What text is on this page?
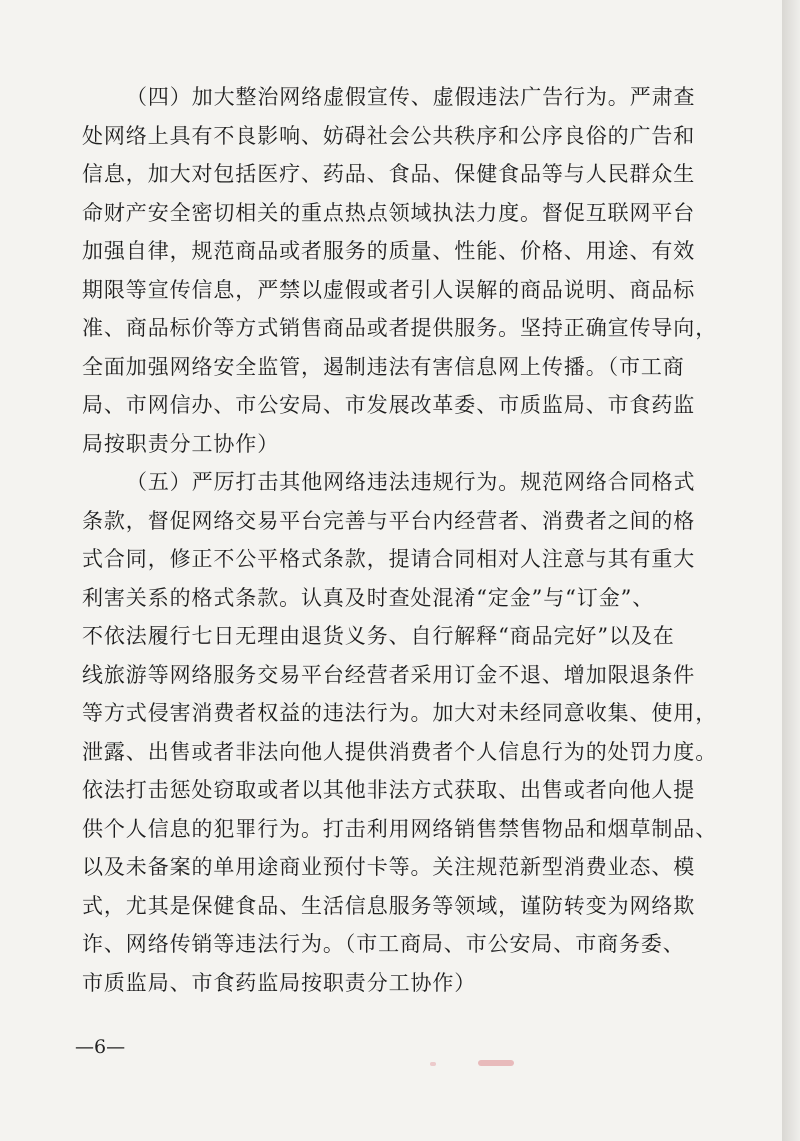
（四）加大整治网络虚假宣传、虚假违法广告行为。严肃查
处网络上具有不良影响、妨碍社会公共秩序和公序良俗的广告和
信息，加大对包括医疗、药品、食品、保健食品等与人民群众生
命财产安全密切相关的重点热点领域执法力度。督促互联网平台
加强自律，规范商品或者服务的质量、性能、价格、用途、有效
期限等宣传信息，严禁以虚假或者引人误解的商品说明、商品标
准、商品标价等方式销售商品或者提供服务。坚持正确宣传导向，
全面加强网络安全监管，遏制违法有害信息网上传播。（市工商
局、市网信办、市公安局、市发展改革委、市质监局、市食药监
局按职责分工协作）

（五）严厉打击其他网络违法违规行为。规范网络合同格式
条款，督促网络交易平台完善与平台内经营者、消费者之间的格
式合同，修正不公平格式条款，提请合同相对人注意与其有重大
利害关系的格式条款。认真及时查处混淆“定金”与“订金”、
不依法履行七日无理由退货义务、自行解释“商品完好”以及在
线旅游等网络服务交易平台经营者采用订金不退、增加限退条件
等方式侵害消费者权益的违法行为。加大对未经同意收集、使用，
泄露、出售或者非法向他人提供消费者个人信息行为的处罚力度。
依法打击惩处窃取或者以其他非法方式获取、出售或者向他人提
供个人信息的犯罪行为。打击利用网络销售禁售物品和烟草制品、
以及未备案的单用途商业预付卡等。关注规范新型消费业态、模
式，尤其是保健食品、生活信息服务等领域，谨防转变为网络欺
诈、网络传销等违法行为。（市工商局、市公安局、市商务委、
市质监局、市食药监局按职责分工协作）

—6—
